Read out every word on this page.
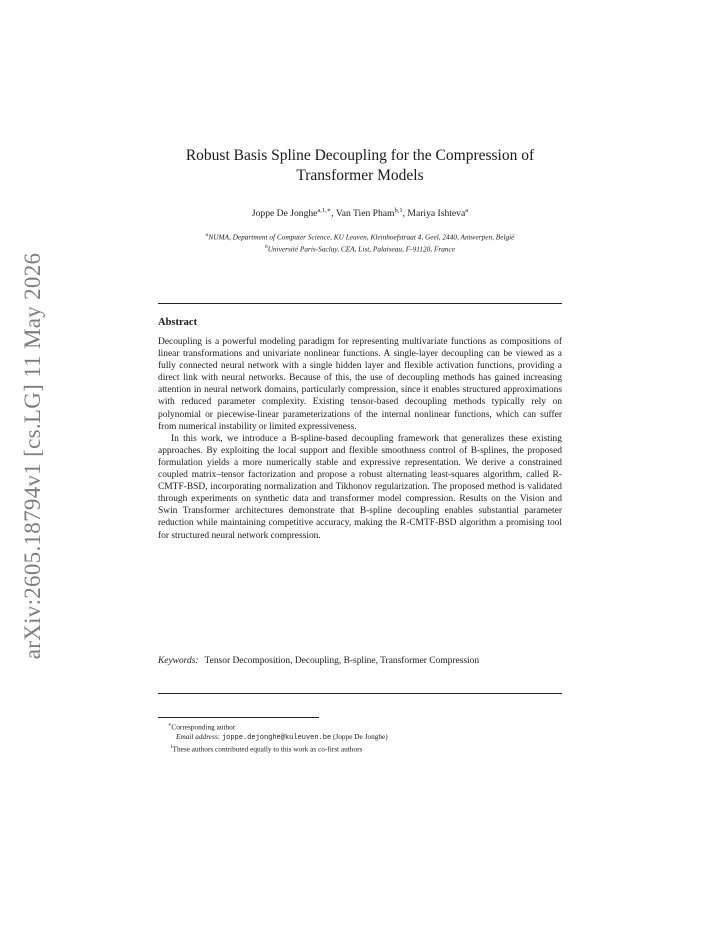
arXiv:2605.18794v1 [cs.LG] 11 May 2026
Robust Basis Spline Decoupling for the Compression of
Transformer Models
Joppe De Jonghe$^{a,1,∗}$, Van Tien Pham$^{b,1}$, Mariya Ishteva$^a$
$^a$NUMA, Department of Computer Science, KU Leuven, Kleinhoefstraat 4, Geel, 2440, Antwerpen, België
$^b$Université Paris-Saclay, CEA, List, Palaiseau, F-91120, France
Abstract

Decoupling is a powerful modeling paradigm for representing multivariate functions as compositions of linear transformations and univariate nonlinear functions. A single-layer decoupling can be viewed as a fully connected neural network with a single hidden layer and flexible activation functions, providing a direct link with neural networks. Because of this, the use of decoupling methods has gained increasing attention in neural network domains, particularly compression, since it enables structured approximations with reduced parameter complexity. Existing tensor-based decoupling methods typically rely on polynomial or piecewise-linear parameterizations of the internal nonlinear functions, which can suffer from numerical instability or limited expressiveness.

In this work, we introduce a B-spline-based decoupling framework that generalizes these existing approaches. By exploiting the local support and flexible smoothness control of B-splines, the proposed formulation yields a more numerically stable and expressive representation. We derive a constrained coupled matrix–tensor factorization and propose a robust alternating least-squares algorithm, called R-CMTF-BSD, incorporating normalization and Tikhonov regularization. The proposed method is validated through experiments on synthetic data and transformer model compression. Results on the Vision and Swin Transformer architectures demonstrate that B-spline decoupling enables substantial parameter reduction while maintaining competitive accuracy, making the R-CMTF-BSD algorithm a promising tool for structured neural network compression.

Keywords: Tensor Decomposition, Decoupling, B-spline, Transformer Compression
∗Corresponding author
Email address: joppe.dejonghe@kuleuven.be (Joppe De Jonghe)
$^1$These authors contributed equally to this work as co-first authors
